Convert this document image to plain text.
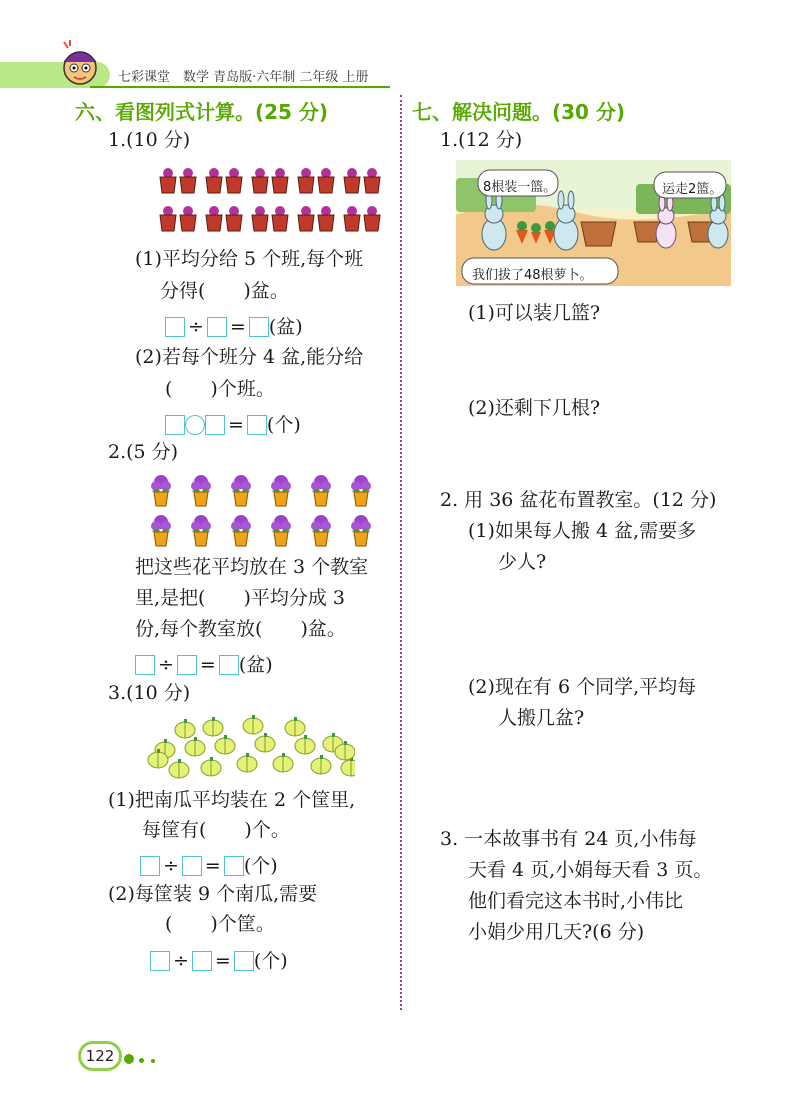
七彩课堂　数学 青岛版·六年制 二年级 上册
六、看图列式计算。(25 分)
1.(10 分)
(1)平均分给 5 个班,每个班
分得(　　)盆。
÷ = (盆)
(2)若每个班分 4 盆,能分给
(　　)个班。
= (个)
2.(5 分)
把这些花平均放在 3 个教室
里,是把(　　)平均分成 3
份,每个教室放(　　)盆。
÷ = (盆)
3.(10 分)
(1)把南瓜平均装在 2 个筐里,
每筐有(　　)个。
÷ = (个)
(2)每筐装 9 个南瓜,需要
(　　)个筐。
÷ = (个)
七、解决问题。(30 分)
1.(12 分)
8根装一篮。	运走2篮。
我们拔了48根萝卜。
(1)可以装几篮?
(2)还剩下几根?
2. 用 36 盆花布置教室。(12 分)
(1)如果每人搬 4 盆,需要多
少人?
(2)现在有 6 个同学,平均每
人搬几盆?
3. 一本故事书有 24 页,小伟每
天看 4 页,小娟每天看 3 页。
他们看完这本书时,小伟比
小娟少用几天?(6 分)
122
